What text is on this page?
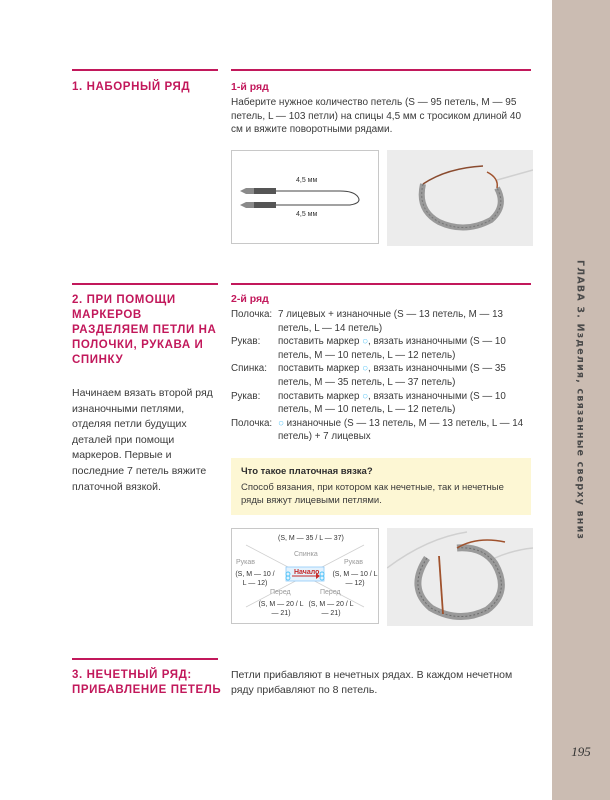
ГЛАВА 3. Изделия, связанные сверху вниз
195
1. НАБОРНЫЙ РЯД	1-й ряд
Наберите нужное количество петель (S — 95 петель, M — 95 петель, L — 103 петли) на спицы 4,5 мм с тросиком длиной 40 см и вяжите поворотными рядами.
4,5 мм
4,5 мм
2. ПРИ ПОМОЩИ МАРКЕРОВ РАЗДЕЛЯЕМ ПЕТЛИ НА ПОЛОЧКИ, РУКАВА И СПИНКУ
Начинаем вязать второй ряд изнаночными петлями, отделяя петли будущих деталей при помощи маркеров. Первые и последние 7 петель вяжите платочной вязкой.
2-й ряд
Полочка: 7 лицевых + изнаночные (S — 13 петель, M — 13 петель, L — 14 петель)
Рукав:	поставить маркер ○, вязать изнаночными (S — 10 петель, M — 10 петель, L — 12 петель)
Спинка:	поставить маркер ○, вязать изнаночными (S — 35 петель, M — 35 петель, L — 37 петель)
Рукав:	поставить маркер ○, вязать изнаночными (S — 10 петель, M — 10 петель, L — 12 петель)
Полочка: ○ изнаночные (S — 13 петель, M — 13 петель, L — 14 петель) + 7 лицевых
Что такое платочная вязка?
Способ вязания, при котором как нечетные, так и нечетные ряды вяжут лицевыми петлями.
(S, M — 35 / L — 37)
Спинка
Начало
Рукав
(S, M — 10 / L — 12)
Рукав
(S, M — 10 / L — 12)
Перед
(S, M — 20 / L — 21)
Перед
(S, M — 20 / L — 21)
3. НЕЧЕТНЫЙ РЯД: ПРИБАВЛЕНИЕ ПЕТЕЛЬ
Петли прибавляют в нечетных рядах. В каждом нечетном ряду прибавляют по 8 петель.
